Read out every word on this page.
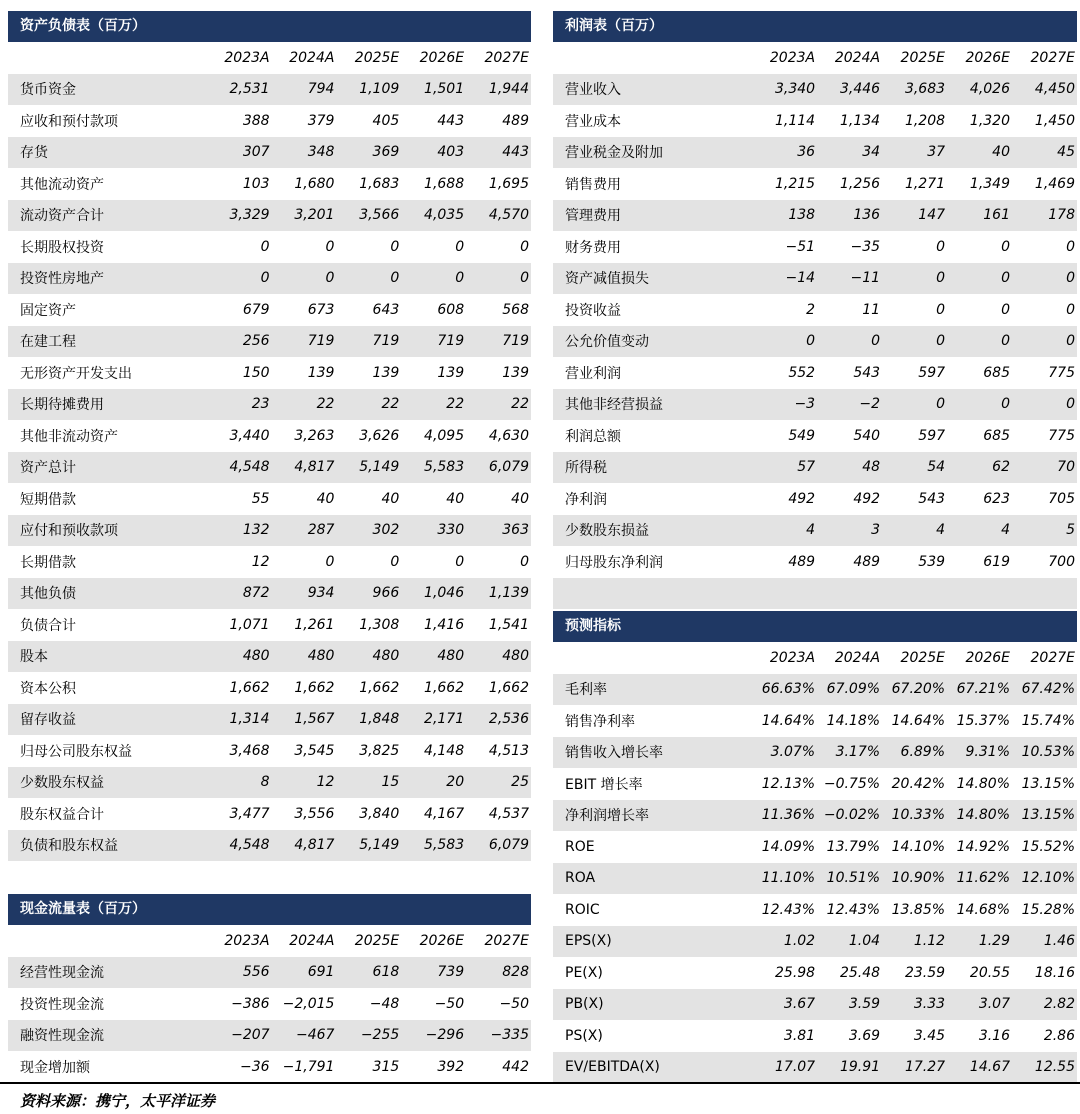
资产负债表（百万）
	2023A	2024A	2025E	2026E	2027E
货币资金	2,531	794	1,109	1,501	1,944
应收和预付款项	388	379	405	443	489
存货	307	348	369	403	443
其他流动资产	103	1,680	1,683	1,688	1,695
流动资产合计	3,329	3,201	3,566	4,035	4,570
长期股权投资	0	0	0	0	0
投资性房地产	0	0	0	0	0
固定资产	679	673	643	608	568
在建工程	256	719	719	719	719
无形资产开发支出	150	139	139	139	139
长期待摊费用	23	22	22	22	22
其他非流动资产	3,440	3,263	3,626	4,095	4,630
资产总计	4,548	4,817	5,149	5,583	6,079
短期借款	55	40	40	40	40
应付和预收款项	132	287	302	330	363
长期借款	12	0	0	0	0
其他负债	872	934	966	1,046	1,139
负债合计	1,071	1,261	1,308	1,416	1,541
股本	480	480	480	480	480
资本公积	1,662	1,662	1,662	1,662	1,662
留存收益	1,314	1,567	1,848	2,171	2,536
归母公司股东权益	3,468	3,545	3,825	4,148	4,513
少数股东权益	8	12	15	20	25
股东权益合计	3,477	3,556	3,840	4,167	4,537
负债和股东权益	4,548	4,817	5,149	5,583	6,079
现金流量表（百万）
	2023A	2024A	2025E	2026E	2027E
经营性现金流	556	691	618	739	828
投资性现金流	−386	−2,015	−48	−50	−50
融资性现金流	−207	−467	−255	−296	−335
现金增加额	−36	−1,791	315	392	442
利润表（百万）
	2023A	2024A	2025E	2026E	2027E
营业收入	3,340	3,446	3,683	4,026	4,450
营业成本	1,114	1,134	1,208	1,320	1,450
营业税金及附加	36	34	37	40	45
销售费用	1,215	1,256	1,271	1,349	1,469
管理费用	138	136	147	161	178
财务费用	−51	−35	0	0	0
资产减值损失	−14	−11	0	0	0
投资收益	2	11	0	0	0
公允价值变动	0	0	0	0	0
营业利润	552	543	597	685	775
其他非经营损益	−3	−2	0	0	0
利润总额	549	540	597	685	775
所得税	57	48	54	62	70
净利润	492	492	543	623	705
少数股东损益	4	3	4	4	5
归母股东净利润	489	489	539	619	700
预测指标
	2023A	2024A	2025E	2026E	2027E
毛利率	66.63%	67.09%	67.20%	67.21%	67.42%
销售净利率	14.64%	14.18%	14.64%	15.37%	15.74%
销售收入增长率	3.07%	3.17%	6.89%	9.31%	10.53%
EBIT 增长率	12.13%	−0.75%	20.42%	14.80%	13.15%
净利润增长率	11.36%	−0.02%	10.33%	14.80%	13.15%
ROE	14.09%	13.79%	14.10%	14.92%	15.52%
ROA	11.10%	10.51%	10.90%	11.62%	12.10%
ROIC	12.43%	12.43%	13.85%	14.68%	15.28%
EPS(X)	1.02	1.04	1.12	1.29	1.46
PE(X)	25.98	25.48	23.59	20.55	18.16
PB(X)	3.67	3.59	3.33	3.07	2.82
PS(X)	3.81	3.69	3.45	3.16	2.86
EV/EBITDA(X)	17.07	19.91	17.27	14.67	12.55
资料来源：携宁，太平洋证券
